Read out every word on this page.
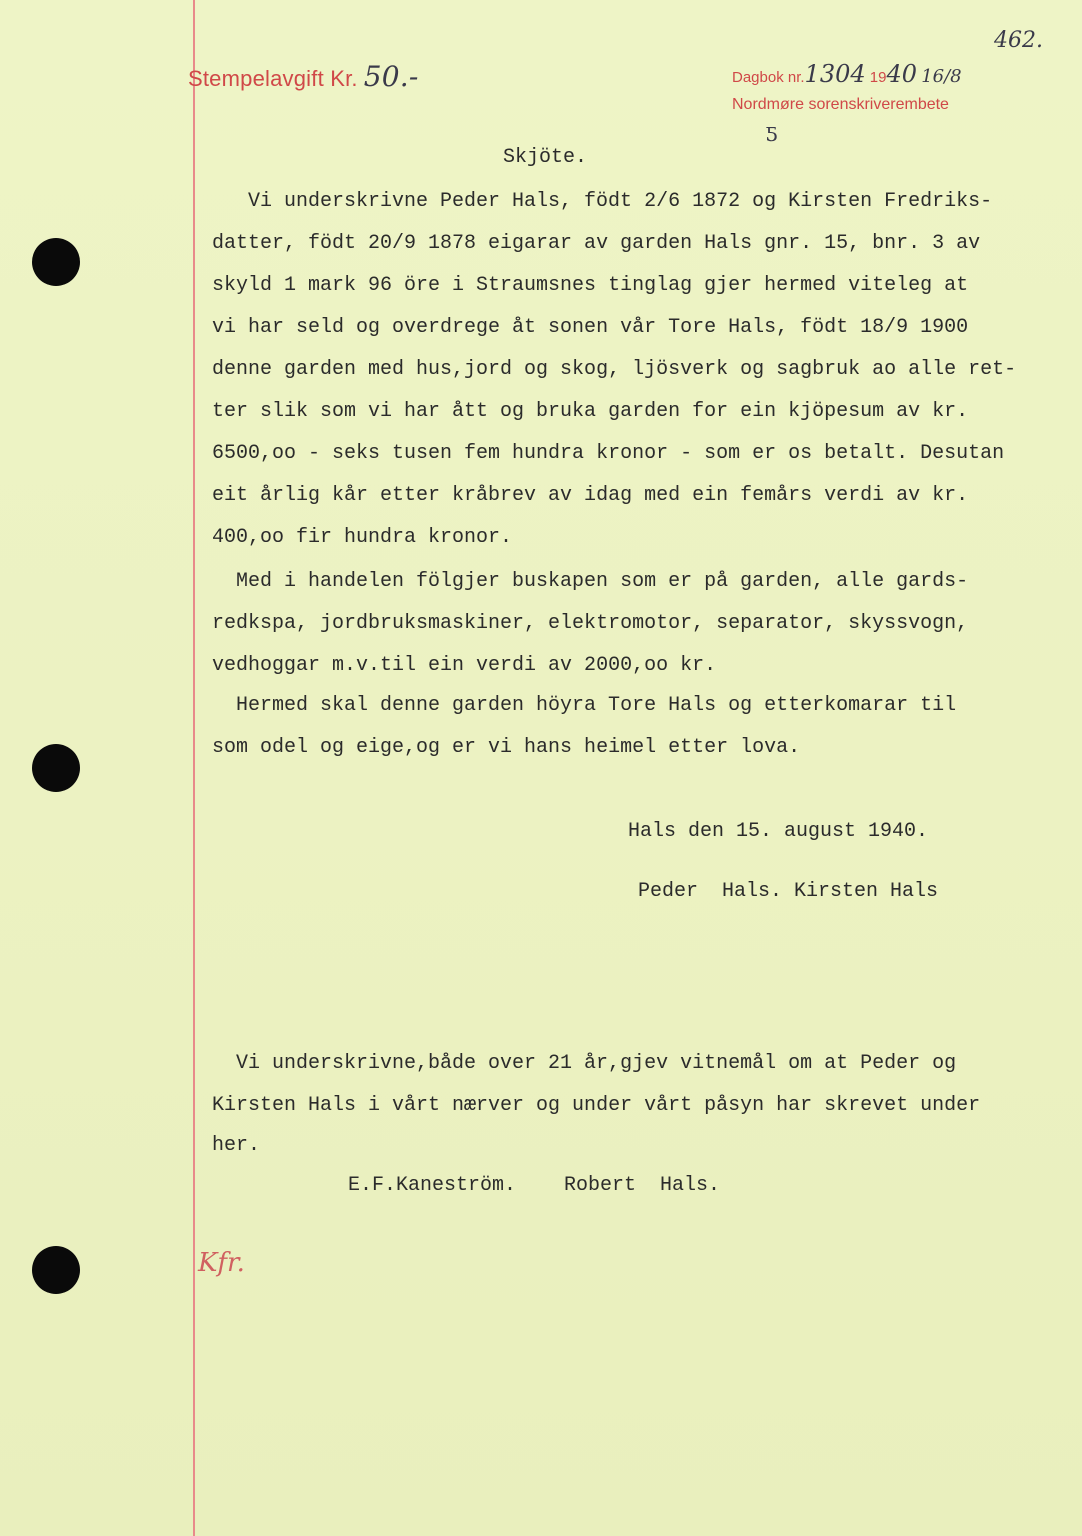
Stempelavgift Kr. 50.-	Dagbok nr.1304 1940 16/8
Nordmøre sorenskriverembete
ƽ
462.
Skjöte.
Vi underskrivne Peder Hals, födt 2/6 1872 og Kirsten Fredriks-
datter, födt 20/9 1878 eigarar av garden Hals gnr. 15, bnr. 3 av
skyld 1 mark 96 öre i Straumsnes tinglag gjer hermed viteleg at
vi har seld og overdrege åt sonen vår Tore Hals, födt 18/9 1900
denne garden med hus,jord og skog, ljösverk og sagbruk ao alle ret-
ter slik som vi har ått og bruka garden for ein kjöpesum av kr.
6500,oo - seks tusen fem hundra kronor - som er os betalt. Desutan
eit årlig kår etter kråbrev av idag med ein femårs verdi av kr.
400,oo fir hundra kronor.
Med i handelen fölgjer buskapen som er på garden, alle gards-
redkspa, jordbruksmaskiner, elektromotor, separator, skyssvogn,
vedhoggar m.v.til ein verdi av 2000,oo kr.
Hermed skal denne garden höyra Tore Hals og etterkomarar til
som odel og eige,og er vi hans heimel etter lova.
Hals den 15. august 1940.
Peder  Hals. Kirsten Hals
Vi underskrivne,både over 21 år,gjev vitnemål om at Peder og
Kirsten Hals i vårt nærver og under vårt påsyn har skrevet under
her.
E.F.Kaneström.    Robert  Hals.
Kfr.
